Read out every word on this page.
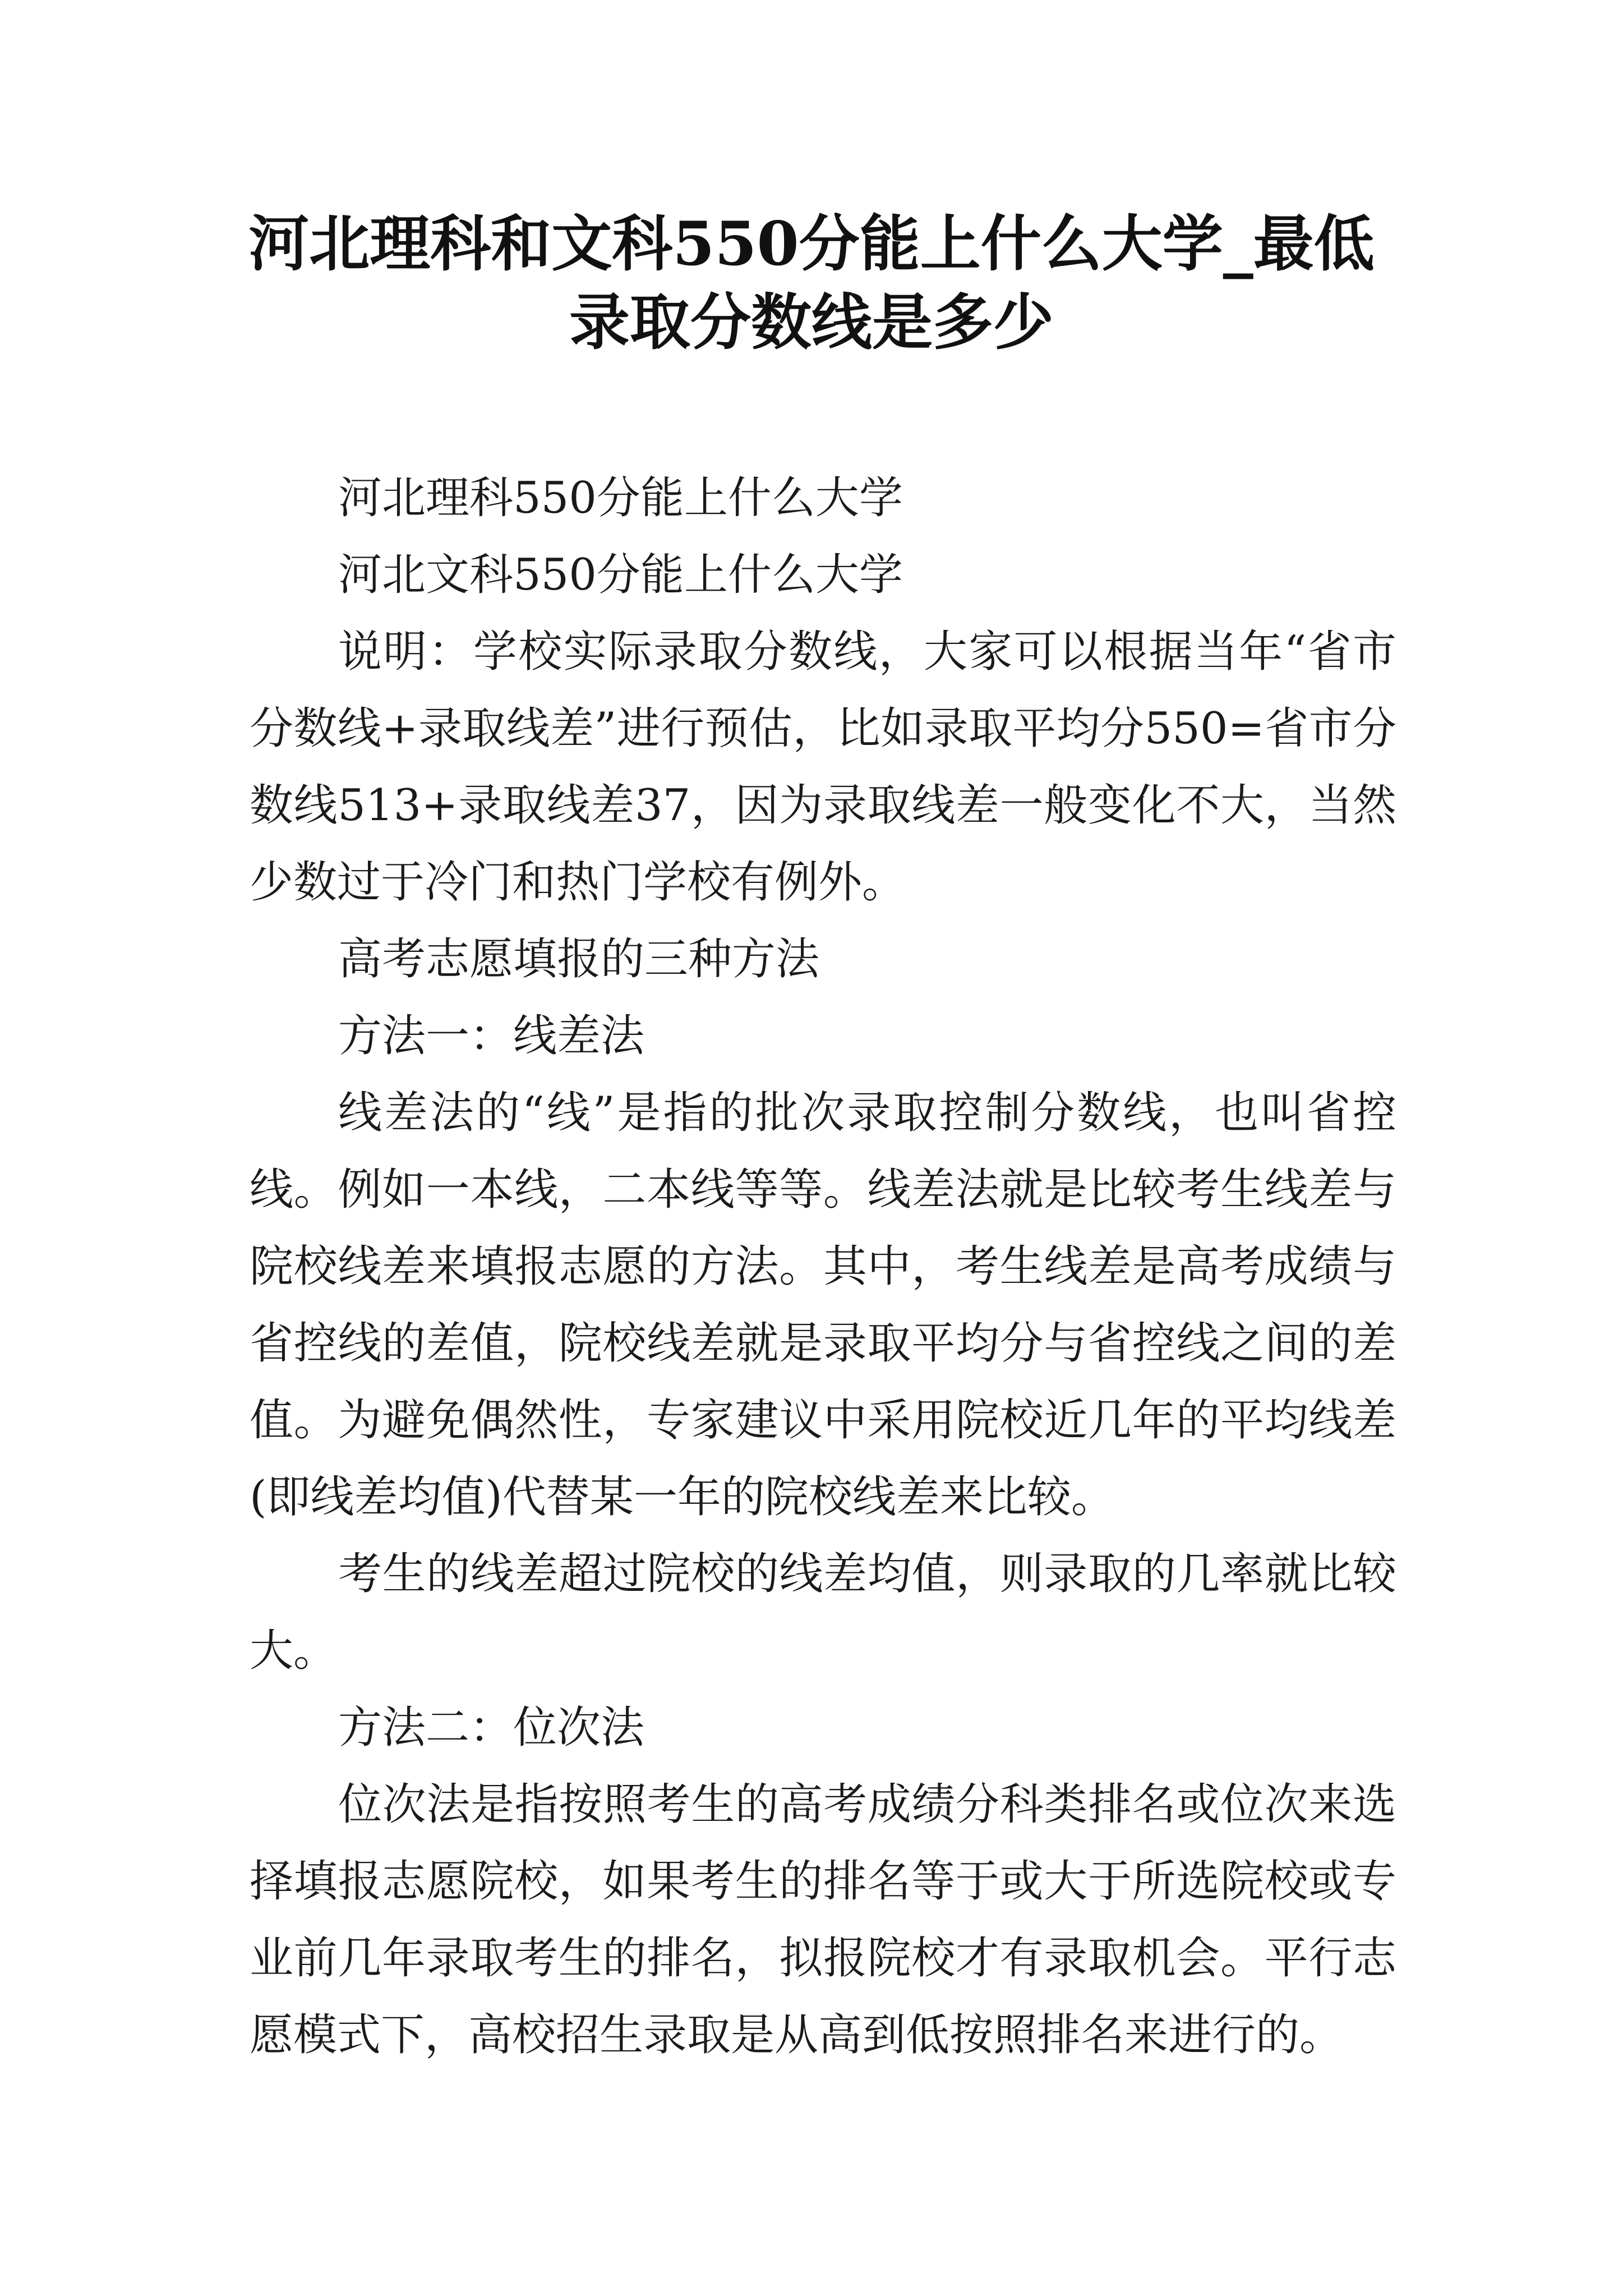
河北理科和文科550分能上什么大学_最低
录取分数线是多少

河北理科550分能上什么大学

河北文科550分能上什么大学

说明：学校实际录取分数线，大家可以根据当年“省市分数线+录取线差”进行预估，比如录取平均分550=省市分数线513+录取线差37，因为录取线差一般变化不大，当然少数过于冷门和热门学校有例外。

高考志愿填报的三种方法

方法一：线差法

线差法的“线”是指的批次录取控制分数线，也叫省控线。例如一本线，二本线等等。线差法就是比较考生线差与院校线差来填报志愿的方法。其中，考生线差是高考成绩与省控线的差值，院校线差就是录取平均分与省控线之间的差值。为避免偶然性，专家建议中采用院校近几年的平均线差(即线差均值)代替某一年的院校线差来比较。

考生的线差超过院校的线差均值，则录取的几率就比较大。

方法二：位次法

位次法是指按照考生的高考成绩分科类排名或位次来选择填报志愿院校，如果考生的排名等于或大于所选院校或专业前几年录取考生的排名，拟报院校才有录取机会。平行志愿模式下，高校招生录取是从高到低按照排名来进行的。
